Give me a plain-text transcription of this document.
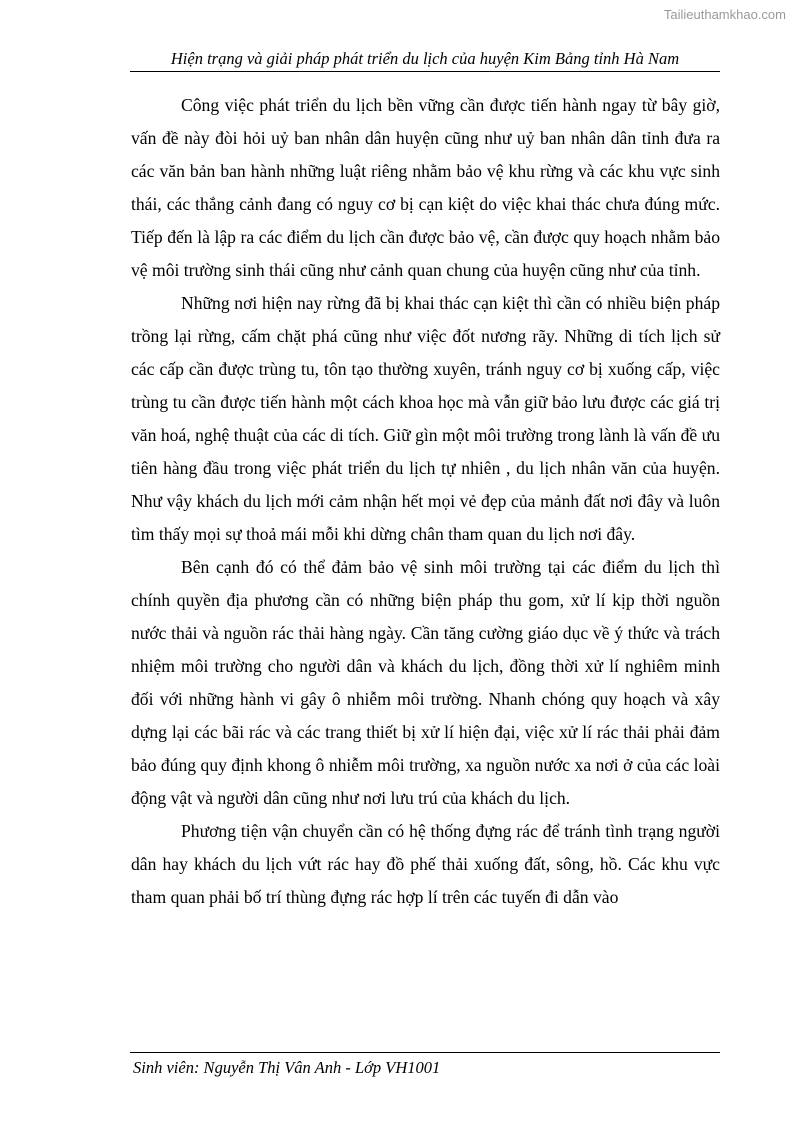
Tailieuthamkhao.com
Hiện trạng và giải pháp phát triển du lịch của huyện Kim Bảng tỉnh Hà Nam

Công việc phát triển du lịch bền vững cần được tiến hành ngay từ bây giờ, vấn đề này đòi hỏi uỷ ban nhân dân huyện cũng như uỷ ban nhân dân tỉnh đưa ra các văn bản ban hành những luật riêng nhằm bảo vệ khu rừng và các khu vực sinh thái, các thắng cảnh đang có nguy cơ bị cạn kiệt do việc khai thác chưa đúng mức. Tiếp đến là lập ra các điểm du lịch cần được bảo vệ, cần được quy hoạch nhằm bảo vệ môi trường sinh thái cũng như cảnh quan chung của huyện cũng như của tỉnh.

Những nơi hiện nay rừng đã bị khai thác cạn kiệt thì cần có nhiều biện pháp trồng lại rừng, cấm chặt phá cũng như việc đốt nương rãy. Những di tích lịch sử các cấp cần được trùng tu, tôn tạo thường xuyên, tránh nguy cơ bị xuống cấp, việc trùng tu cần được tiến hành một cách khoa học mà vẫn giữ bảo lưu được các giá trị văn hoá, nghệ thuật của các di tích. Giữ gìn một môi trường trong lành là vấn đề ưu tiên hàng đầu trong việc phát triển du lịch tự nhiên , du lịch nhân văn của huyện. Như vậy khách du lịch mới cảm nhận hết mọi vẻ đẹp của mảnh đất nơi đây và luôn tìm thấy mọi sự thoả mái mỗi khi dừng chân tham quan du lịch nơi đây.

Bên cạnh đó có thể đảm bảo vệ sinh môi trường tại các điểm du lịch thì chính quyền địa phương cần có những biện pháp thu gom, xử lí kịp thời nguồn nước thải và nguồn rác thải hàng ngày. Cần tăng cường giáo dục về ý thức và trách nhiệm môi trường cho người dân và khách du lịch, đồng thời xử lí nghiêm minh đối với những hành vi gây ô nhiễm môi trường. Nhanh chóng quy hoạch và xây dựng lại các bãi rác và các trang thiết bị xử lí hiện đại, việc xử lí rác thải phải đảm bảo đúng quy định khong ô nhiễm môi trường, xa nguồn nước xa nơi ở của các loài động vật và người dân cũng như nơi lưu trú của khách du lịch.

Phương tiện vận chuyển cần có hệ thống đựng rác để tránh tình trạng người dân hay khách du lịch vứt rác hay đồ phế thải xuống đất, sông, hồ. Các khu vực tham quan phải bố trí thùng đựng rác hợp lí trên các tuyến đi dẫn vào

Sinh viên: Nguyễn Thị Vân Anh - Lớp VH1001
